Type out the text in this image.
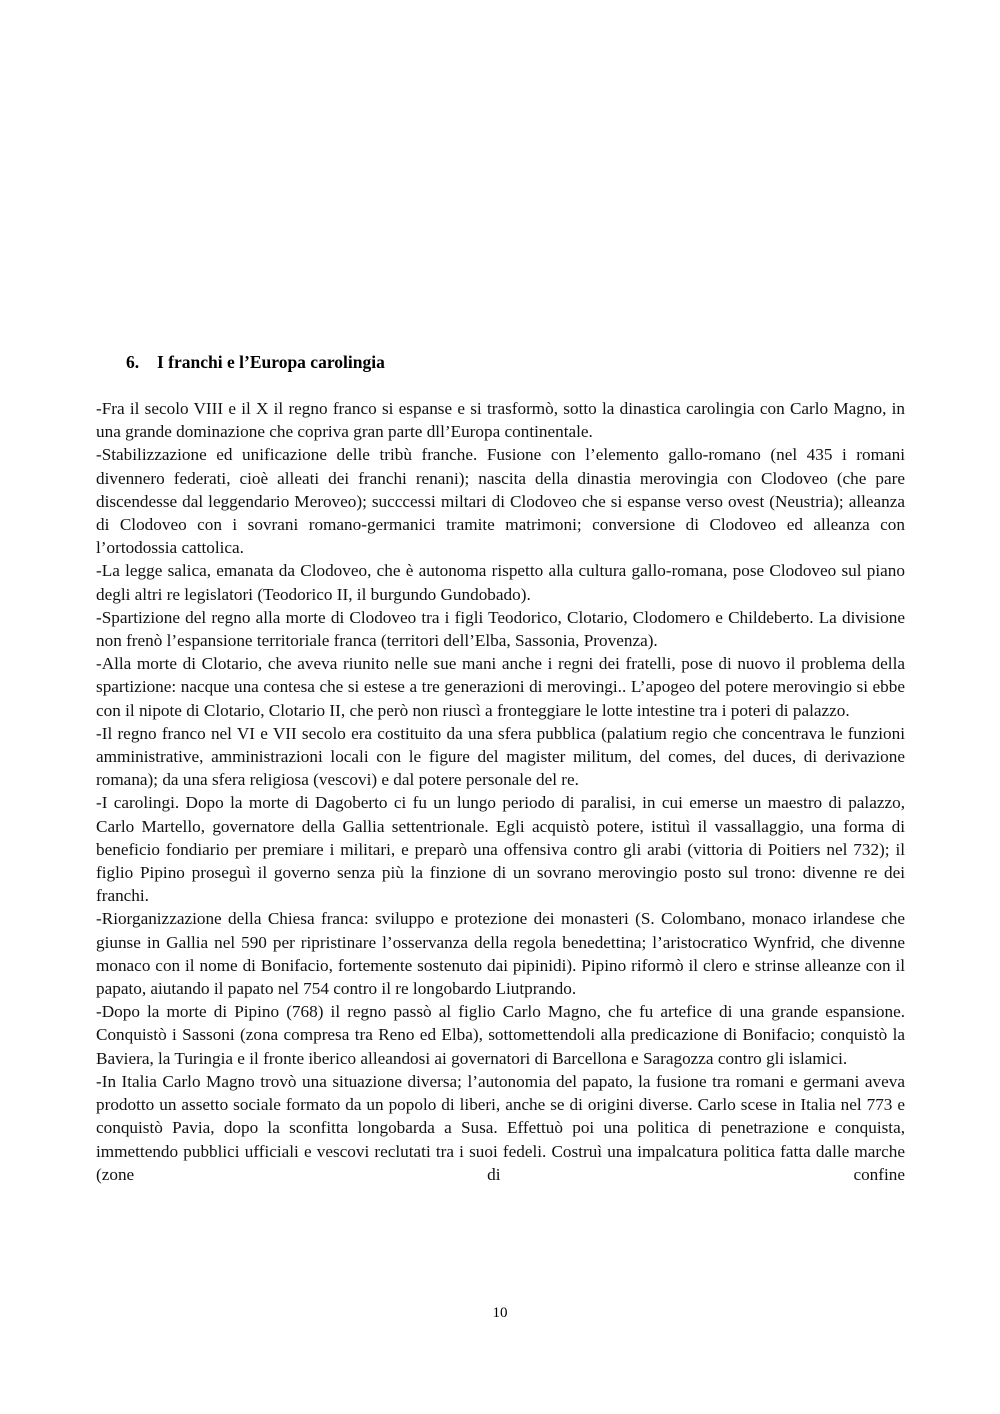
6. I franchi e l’Europa carolingia

-Fra il secolo VIII e il X il regno franco si espanse e si trasformò, sotto la dinastica carolingia con Carlo Magno, in una grande dominazione che copriva gran parte dll’Europa continentale.

-Stabilizzazione ed unificazione delle tribù franche. Fusione con l’elemento gallo-romano (nel 435 i romani divennero federati, cioè alleati dei franchi renani); nascita della dinastia merovingia con Clodoveo (che pare discendesse dal leggendario Meroveo); succcessi miltari di Clodoveo che si espanse verso ovest (Neustria); alleanza di Clodoveo con i sovrani romano-germanici tramite matrimoni; conversione di Clodoveo ed alleanza con l’ortodossia cattolica.

-La legge salica, emanata da Clodoveo, che è autonoma rispetto alla cultura gallo-romana, pose Clodoveo sul piano degli altri re legislatori (Teodorico II, il burgundo Gundobado).

-Spartizione del regno alla morte di Clodoveo tra i figli Teodorico, Clotario, Clodomero e Childeberto. La divisione non frenò l’espansione territoriale franca (territori dell’Elba, Sassonia, Provenza).

-Alla morte di Clotario, che aveva riunito nelle sue mani anche i regni dei fratelli, pose di nuovo il problema della spartizione: nacque una contesa che si estese a tre generazioni di merovingi.. L’apogeo del potere merovingio si ebbe con il nipote di Clotario, Clotario II, che però non riuscì a fronteggiare le lotte intestine tra i poteri di palazzo.

-Il regno franco nel VI e VII secolo era costituito da una sfera pubblica (palatium regio che concentrava le funzioni amministrative, amministrazioni locali con le figure del magister militum, del comes, del duces, di derivazione romana); da una sfera religiosa (vescovi) e dal potere personale del re.

-I carolingi. Dopo la morte di Dagoberto ci fu un lungo periodo di paralisi, in cui emerse un maestro di palazzo, Carlo Martello, governatore della Gallia settentrionale. Egli acquistò potere, istituì il vassallaggio, una forma di beneficio fondiario per premiare i militari, e preparò una offensiva contro gli arabi (vittoria di Poitiers nel 732); il figlio Pipino proseguì il governo senza più la finzione di un sovrano merovingio posto sul trono: divenne re dei franchi.

-Riorganizzazione della Chiesa franca: sviluppo e protezione dei monasteri (S. Colombano, monaco irlandese che giunse in Gallia nel 590 per ripristinare l’osservanza della regola benedettina; l’aristocratico Wynfrid, che divenne monaco con il nome di Bonifacio, fortemente sostenuto dai pipinidi). Pipino riformò il clero e strinse alleanze con il papato, aiutando il papato nel 754 contro il re longobardo Liutprando.

-Dopo la morte di Pipino (768) il regno passò al figlio Carlo Magno, che fu artefice di una grande espansione. Conquistò i Sassoni (zona compresa tra Reno ed Elba), sottomettendoli alla predicazione di Bonifacio; conquistò la Baviera, la Turingia e il fronte iberico alleandosi ai governatori di Barcellona e Saragozza contro gli islamici.

-In Italia Carlo Magno trovò una situazione diversa; l’autonomia del papato, la fusione tra romani e germani aveva prodotto un assetto sociale formato da un popolo di liberi, anche se di origini diverse. Carlo scese in Italia nel 773 e conquistò Pavia, dopo la sconfitta longobarda a Susa. Effettuò poi una politica di penetrazione e conquista, immettendo pubblici ufficiali e vescovi reclutati tra i suoi fedeli. Costruì una impalcatura politica fatta dalle marche (zone di confine

10
